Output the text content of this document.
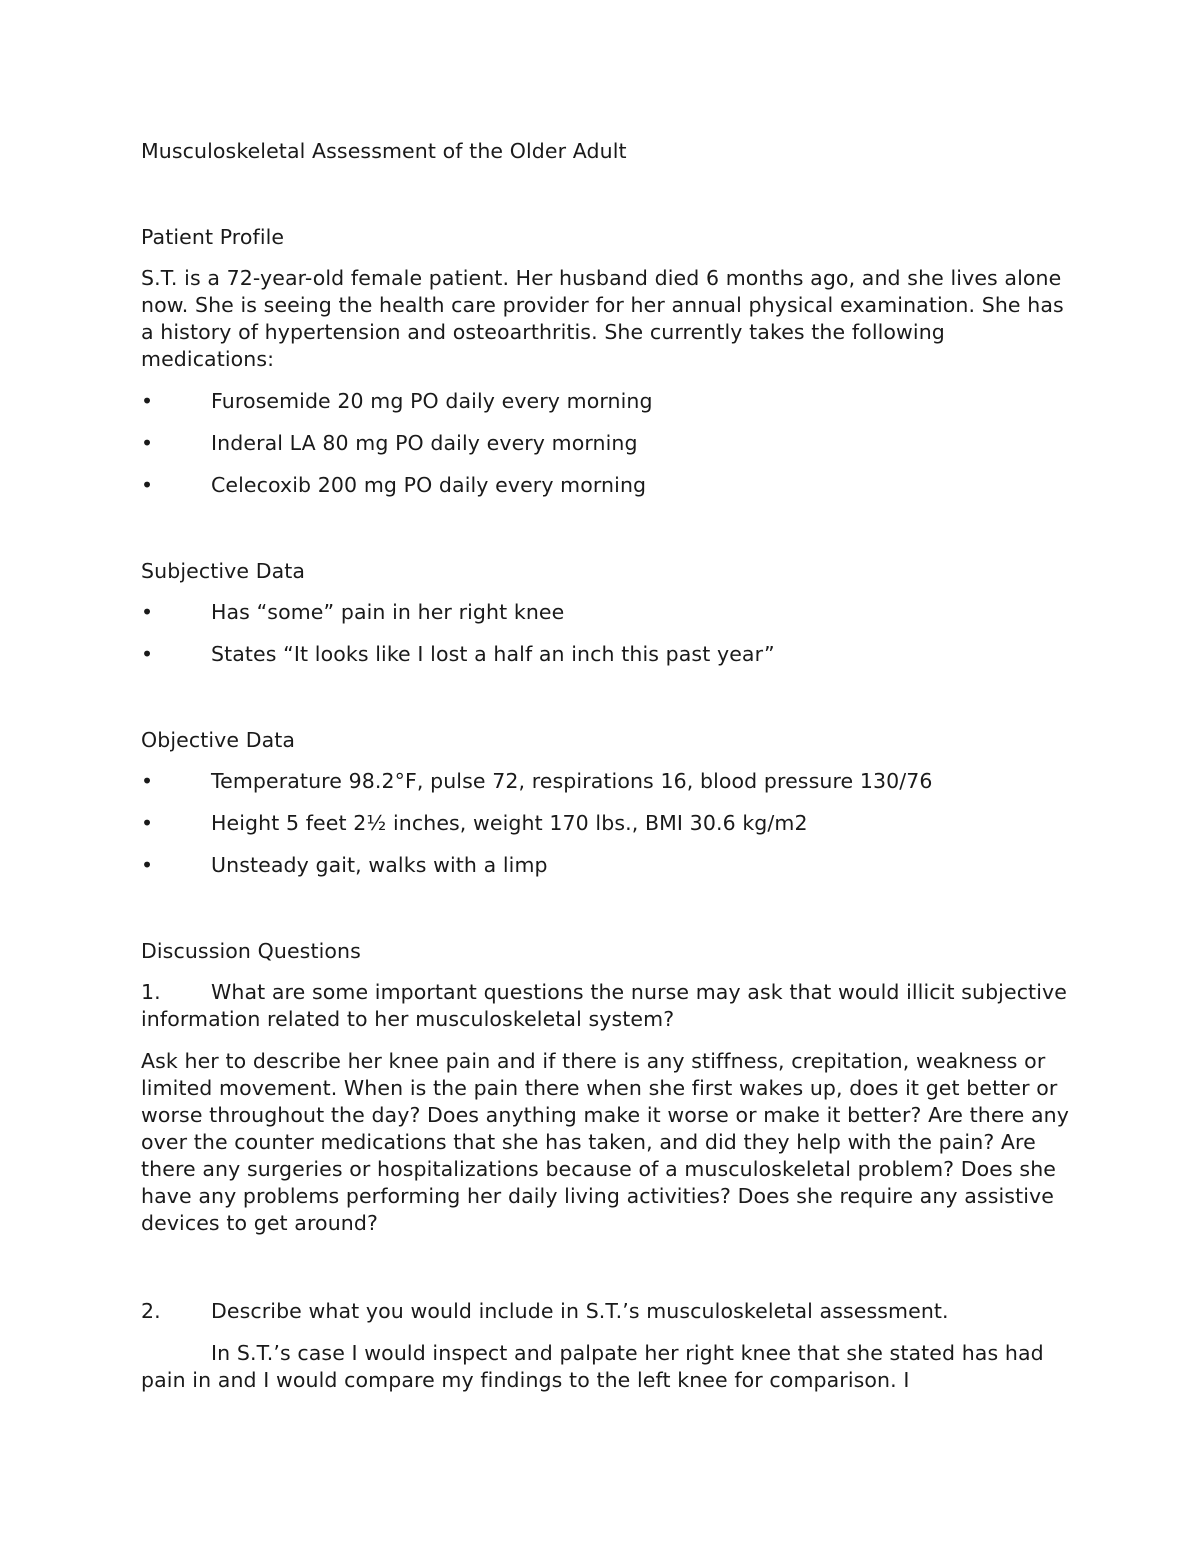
Musculoskeletal Assessment of the Older Adult

Patient Profile

S.T. is a 72-year-old female patient. Her husband died 6 months ago, and she lives alone now. She is seeing the health care provider for her annual physical examination. She has a history of hypertension and osteoarthritis. She currently takes the following medications:

•	Furosemide 20 mg PO daily every morning
•	Inderal LA 80 mg PO daily every morning
•	Celecoxib 200 mg PO daily every morning

Subjective Data

•	Has “some” pain in her right knee
•	States “It looks like I lost a half an inch this past year”

Objective Data

•	Temperature 98.2°F, pulse 72, respirations 16, blood pressure 130/76
•	Height 5 feet 2½ inches, weight 170 lbs., BMI 30.6 kg/m2
•	Unsteady gait, walks with a limp

Discussion Questions

1. What are some important questions the nurse may ask that would illicit subjective information related to her musculoskeletal system?

Ask her to describe her knee pain and if there is any stiffness, crepitation, weakness or limited movement. When is the pain there when she first wakes up, does it get better or worse throughout the day? Does anything make it worse or make it better? Are there any over the counter medications that she has taken, and did they help with the pain? Are there any surgeries or hospitalizations because of a musculoskeletal problem? Does she have any problems performing her daily living activities? Does she require any assistive devices to get around?

2. Describe what you would include in S.T.’s musculoskeletal assessment.

In S.T.’s case I would inspect and palpate her right knee that she stated has had pain in and I would compare my findings to the left knee for comparison. I
